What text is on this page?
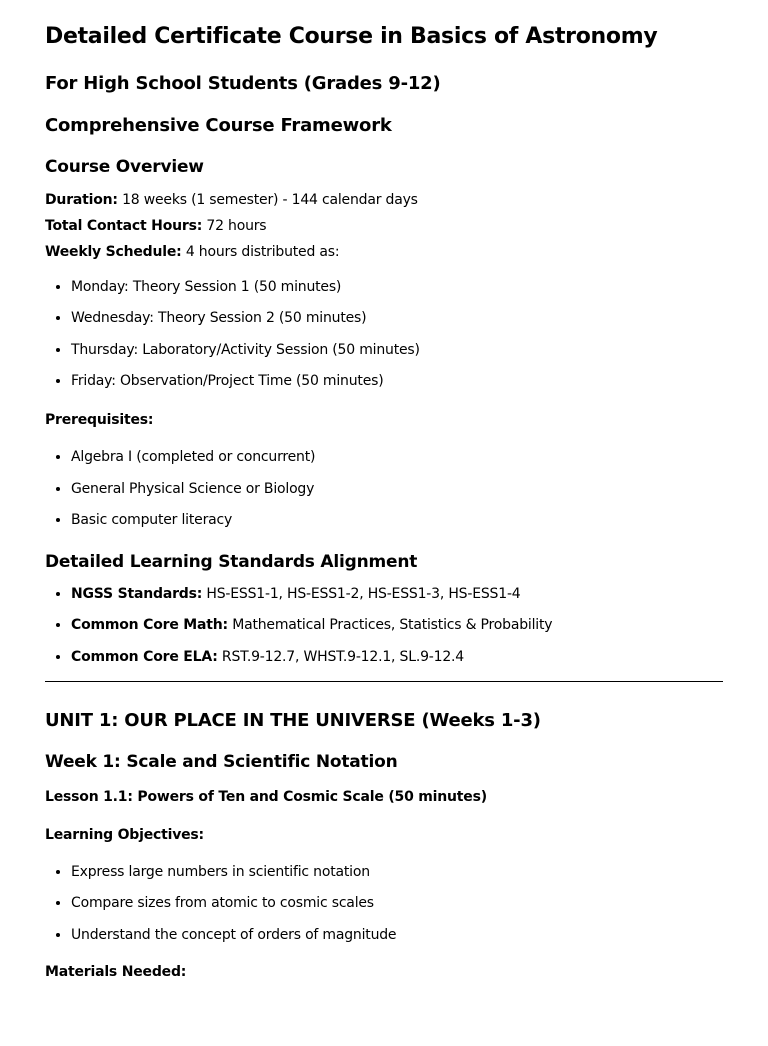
Detailed Certificate Course in Basics of Astronomy
For High School Students (Grades 9-12)
Comprehensive Course Framework
Course Overview

Duration: 18 weeks (1 semester) - 144 calendar days

Total Contact Hours: 72 hours

Weekly Schedule: 4 hours distributed as:

• Monday: Theory Session 1 (50 minutes)
• Wednesday: Theory Session 2 (50 minutes)
• Thursday: Laboratory/Activity Session (50 minutes)
• Friday: Observation/Project Time (50 minutes)

Prerequisites:

• Algebra I (completed or concurrent)
• General Physical Science or Biology
• Basic computer literacy
Detailed Learning Standards Alignment
• NGSS Standards: HS-ESS1-1, HS-ESS1-2, HS-ESS1-3, HS-ESS1-4
• Common Core Math: Mathematical Practices, Statistics & Probability
• Common Core ELA: RST.9-12.7, WHST.9-12.1, SL.9-12.4
UNIT 1: OUR PLACE IN THE UNIVERSE (Weeks 1-3)
Week 1: Scale and Scientific Notation

Lesson 1.1: Powers of Ten and Cosmic Scale (50 minutes)

Learning Objectives:

• Express large numbers in scientific notation
• Compare sizes from atomic to cosmic scales
• Understand the concept of orders of magnitude

Materials Needed:
